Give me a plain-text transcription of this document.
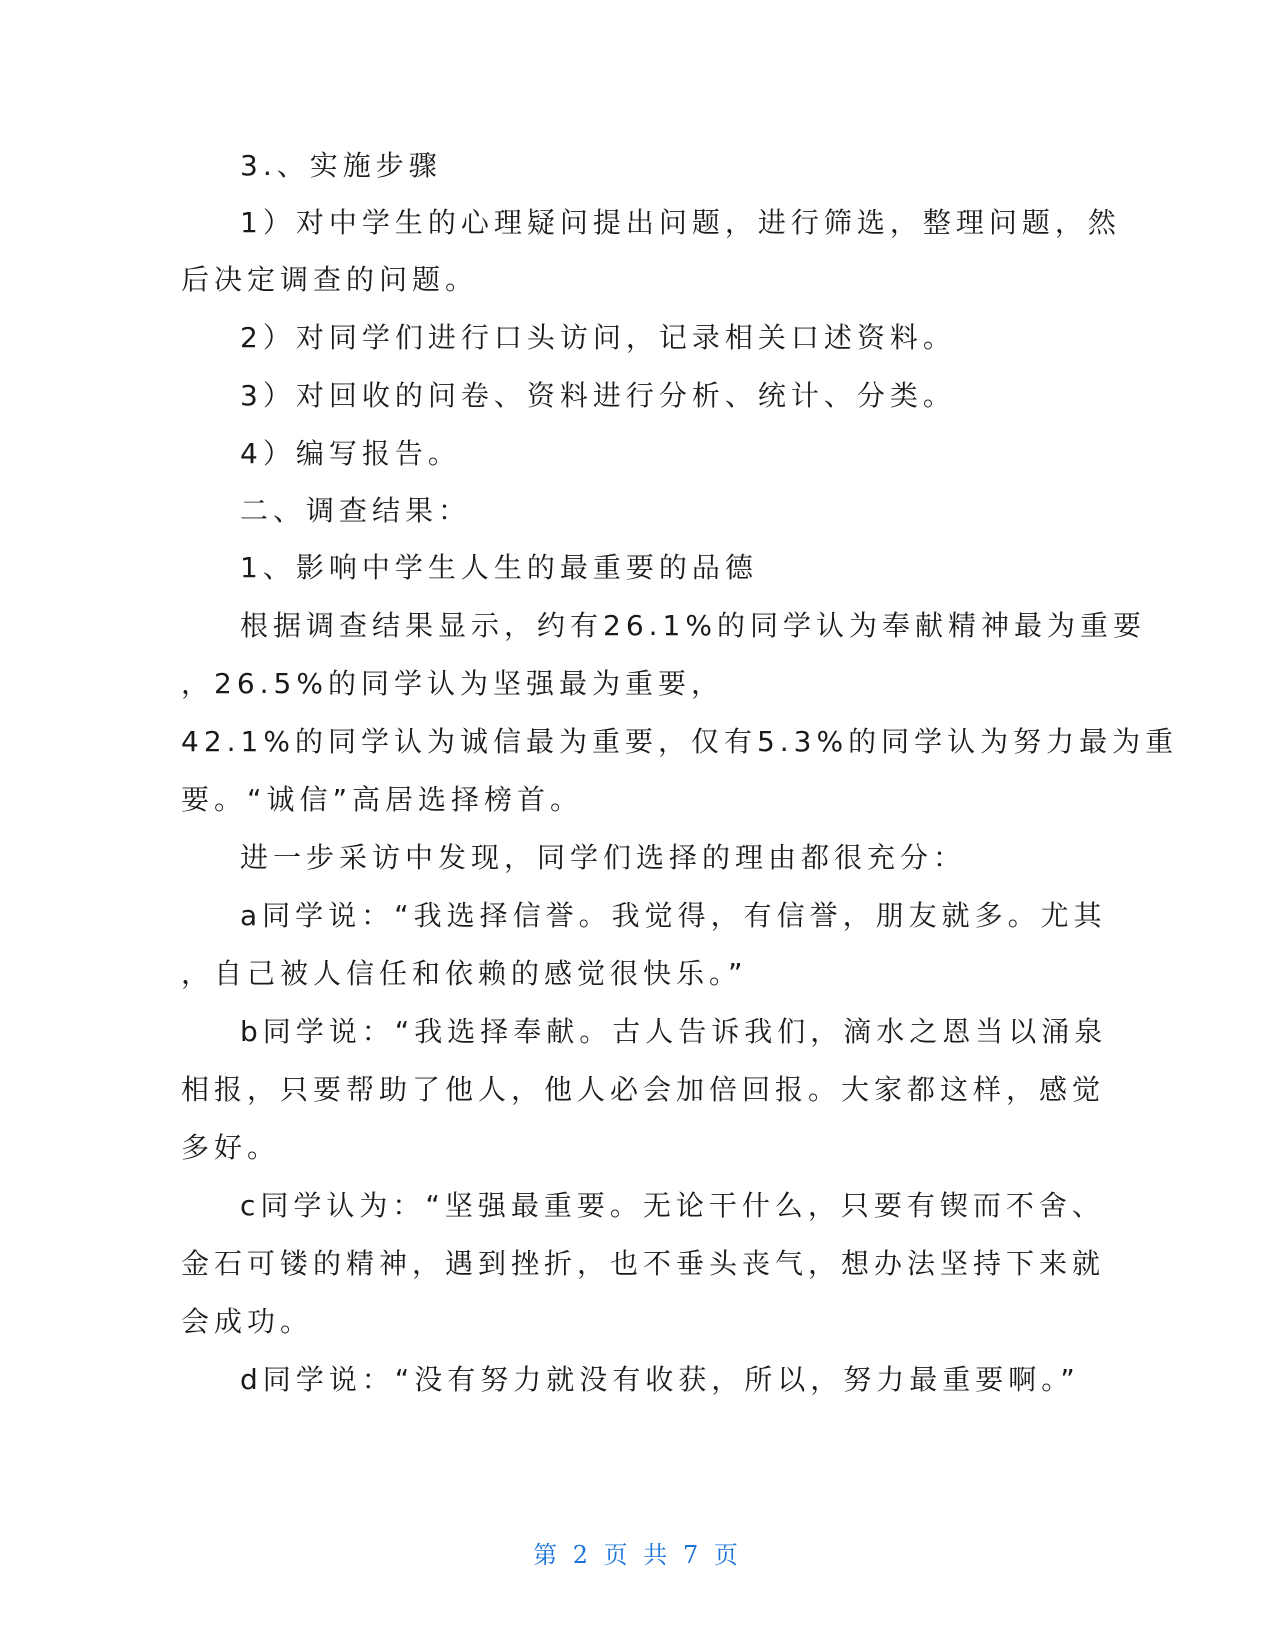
3.、实施步骤
1）对中学生的心理疑问提出问题，进行筛选，整理问题，然
后决定调查的问题。
2）对同学们进行口头访问，记录相关口述资料。
3）对回收的问卷、资料进行分析、统计、分类。
4）编写报告。
二、调查结果：
1、影响中学生人生的最重要的品德
根据调查结果显示，约有26.1%的同学认为奉献精神最为重要
，26.5%的同学认为坚强最为重要，
42.1%的同学认为诚信最为重要，仅有5.3%的同学认为努力最为重
要。“诚信”高居选择榜首。
进一步采访中发现，同学们选择的理由都很充分：
a同学说：“我选择信誉。我觉得，有信誉，朋友就多。尤其
，自己被人信任和依赖的感觉很快乐。”
b同学说：“我选择奉献。古人告诉我们，滴水之恩当以涌泉
相报，只要帮助了他人，他人必会加倍回报。大家都这样，感觉
多好。
c同学认为：“坚强最重要。无论干什么，只要有锲而不舍、
金石可镂的精神，遇到挫折，也不垂头丧气，想办法坚持下来就
会成功。
d同学说：“没有努力就没有收获，所以，努力最重要啊。”
第 2 页 共 7 页
